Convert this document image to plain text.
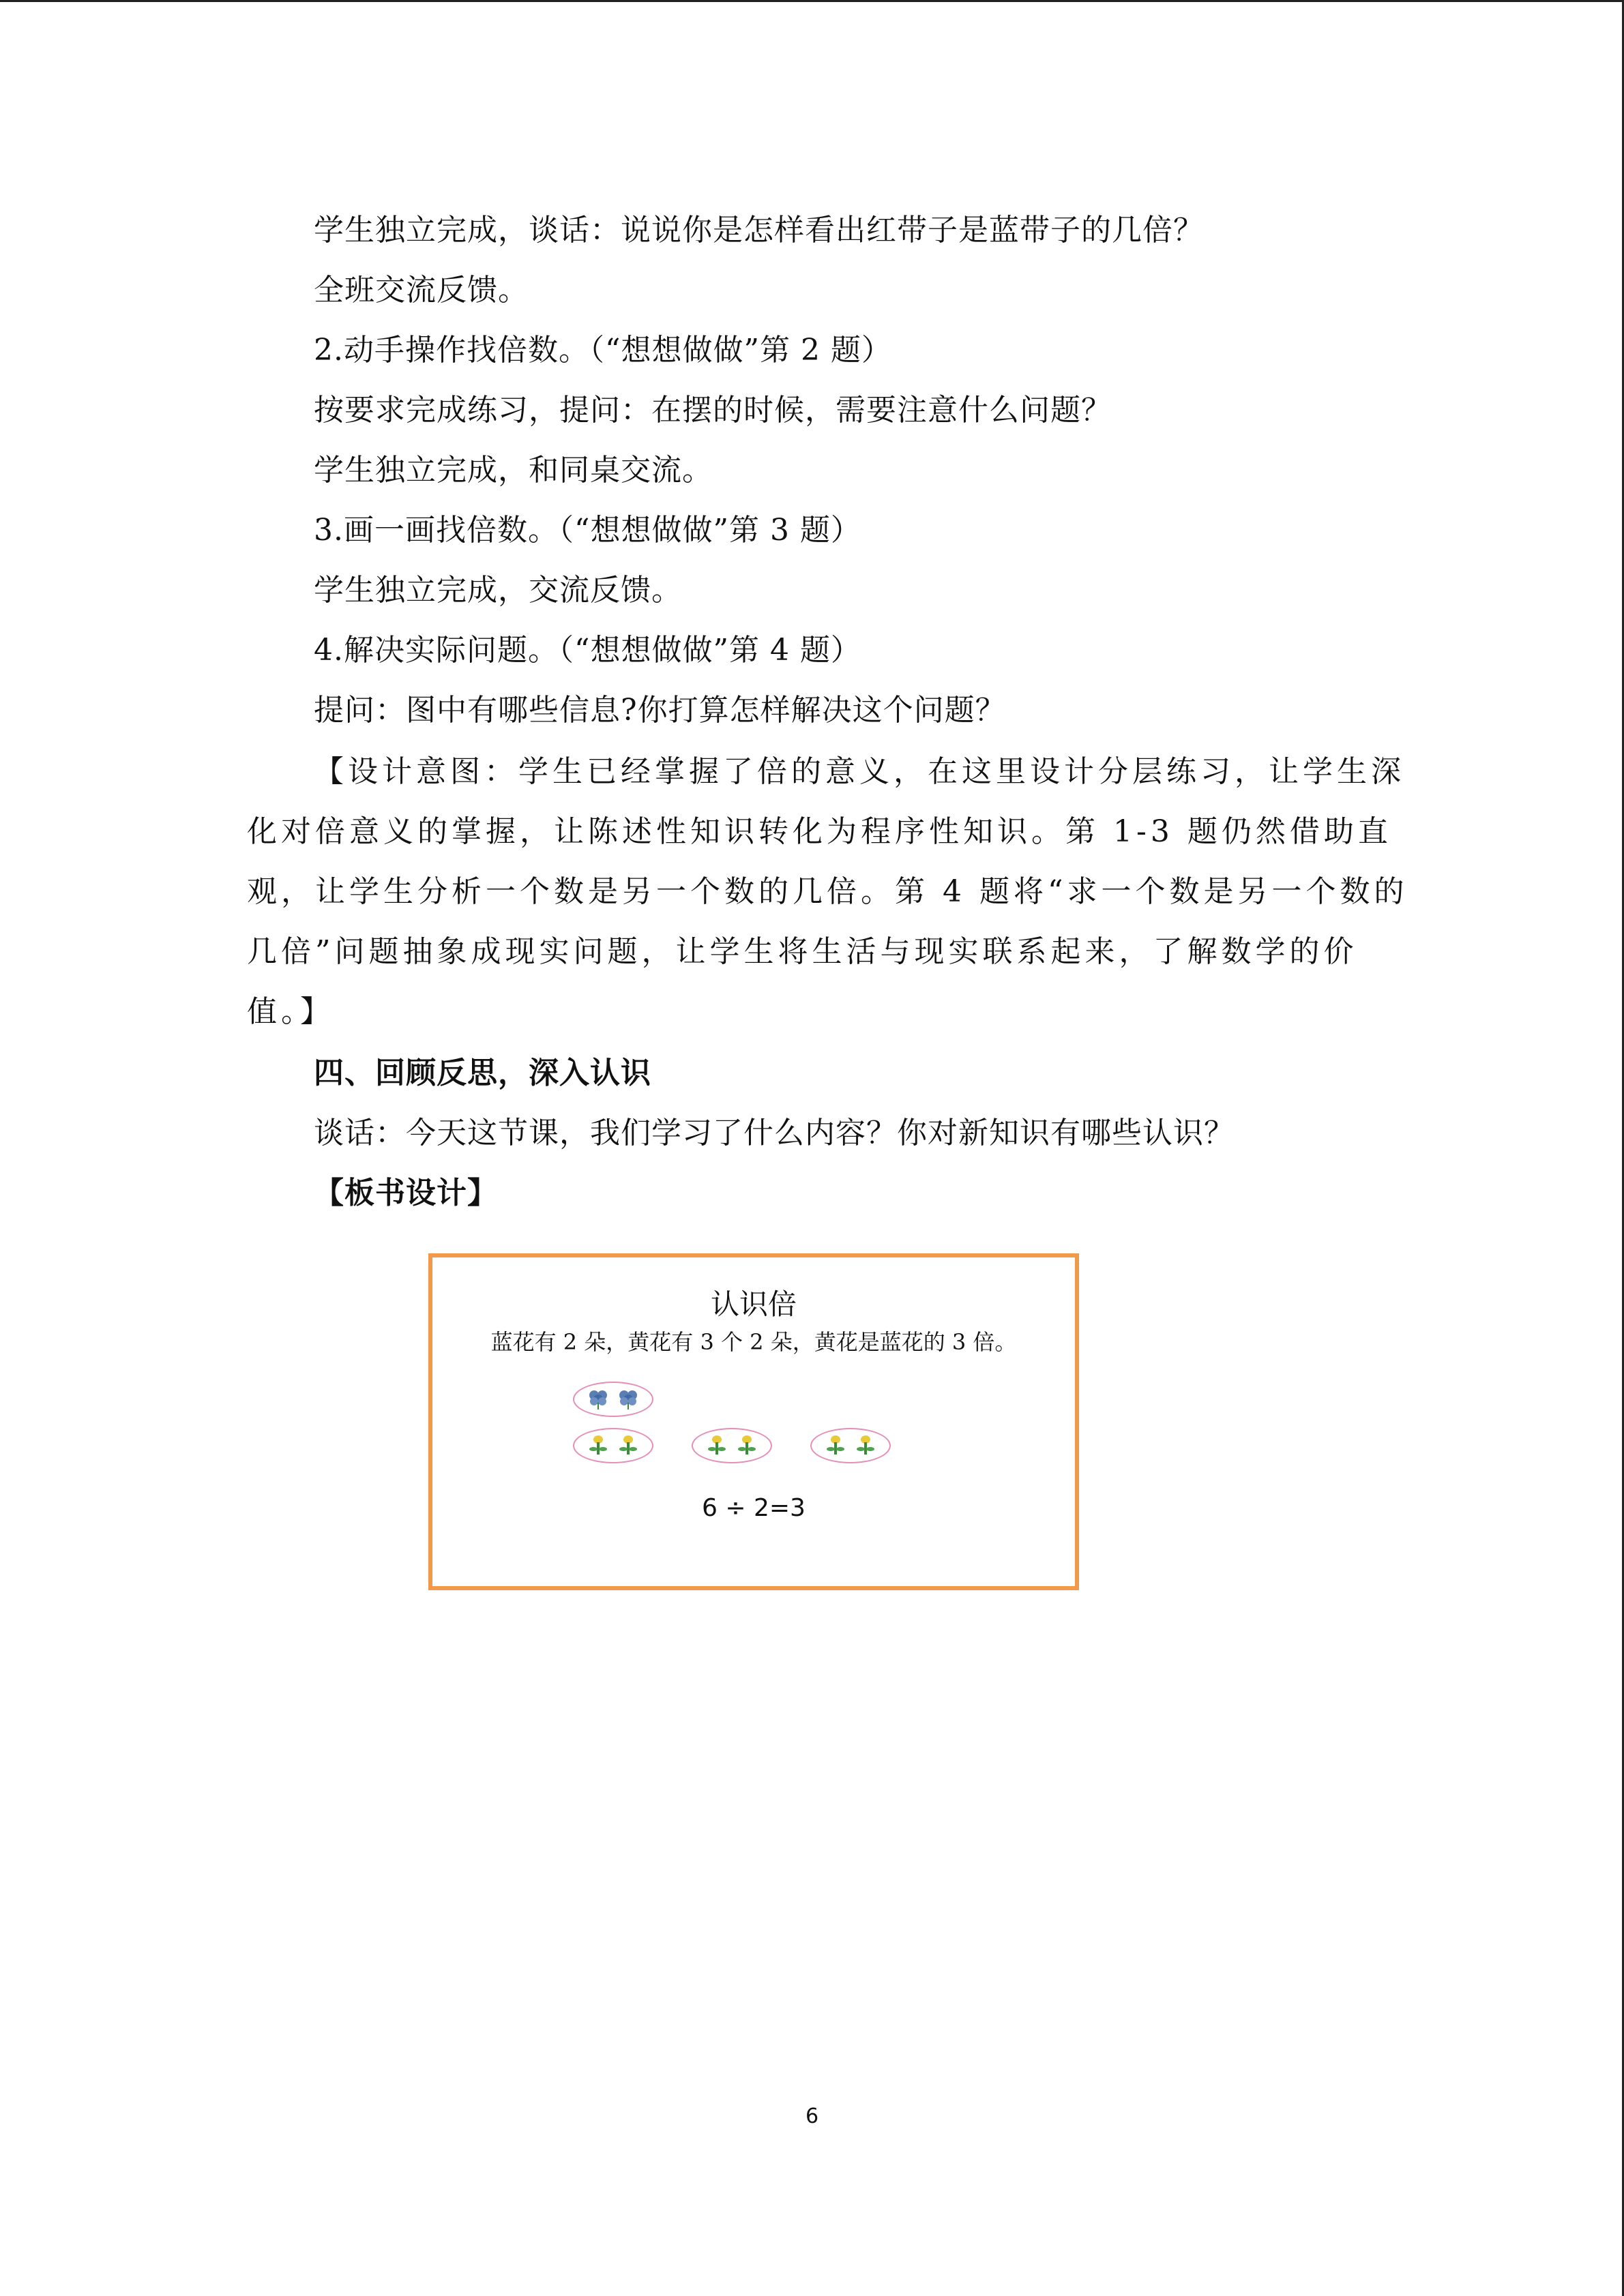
学生独立完成，谈话：说说你是怎样看出红带子是蓝带子的几倍？
全班交流反馈。
2.动手操作找倍数。（“想想做做”第 2 题）
按要求完成练习，提问：在摆的时候，需要注意什么问题？
学生独立完成，和同桌交流。
3.画一画找倍数。（“想想做做”第 3 题）
学生独立完成，交流反馈。
4.解决实际问题。（“想想做做”第 4 题）
提问：图中有哪些信息?你打算怎样解决这个问题？
【设计意图：学生已经掌握了倍的意义，在这里设计分层练习，让学生深
化对倍意义的掌握，让陈述性知识转化为程序性知识。第 1-3 题仍然借助直
观，让学生分析一个数是另一个数的几倍。第 4 题将“求一个数是另一个数的
几倍”问题抽象成现实问题，让学生将生活与现实联系起来，了解数学的价
值。】
四、回顾反思，深入认识
谈话：今天这节课，我们学习了什么内容？你对新知识有哪些认识？
【板书设计】
认识倍
蓝花有 2 朵，黄花有 3 个 2 朵，黄花是蓝花的 3 倍。
6 ÷ 2=3
6
